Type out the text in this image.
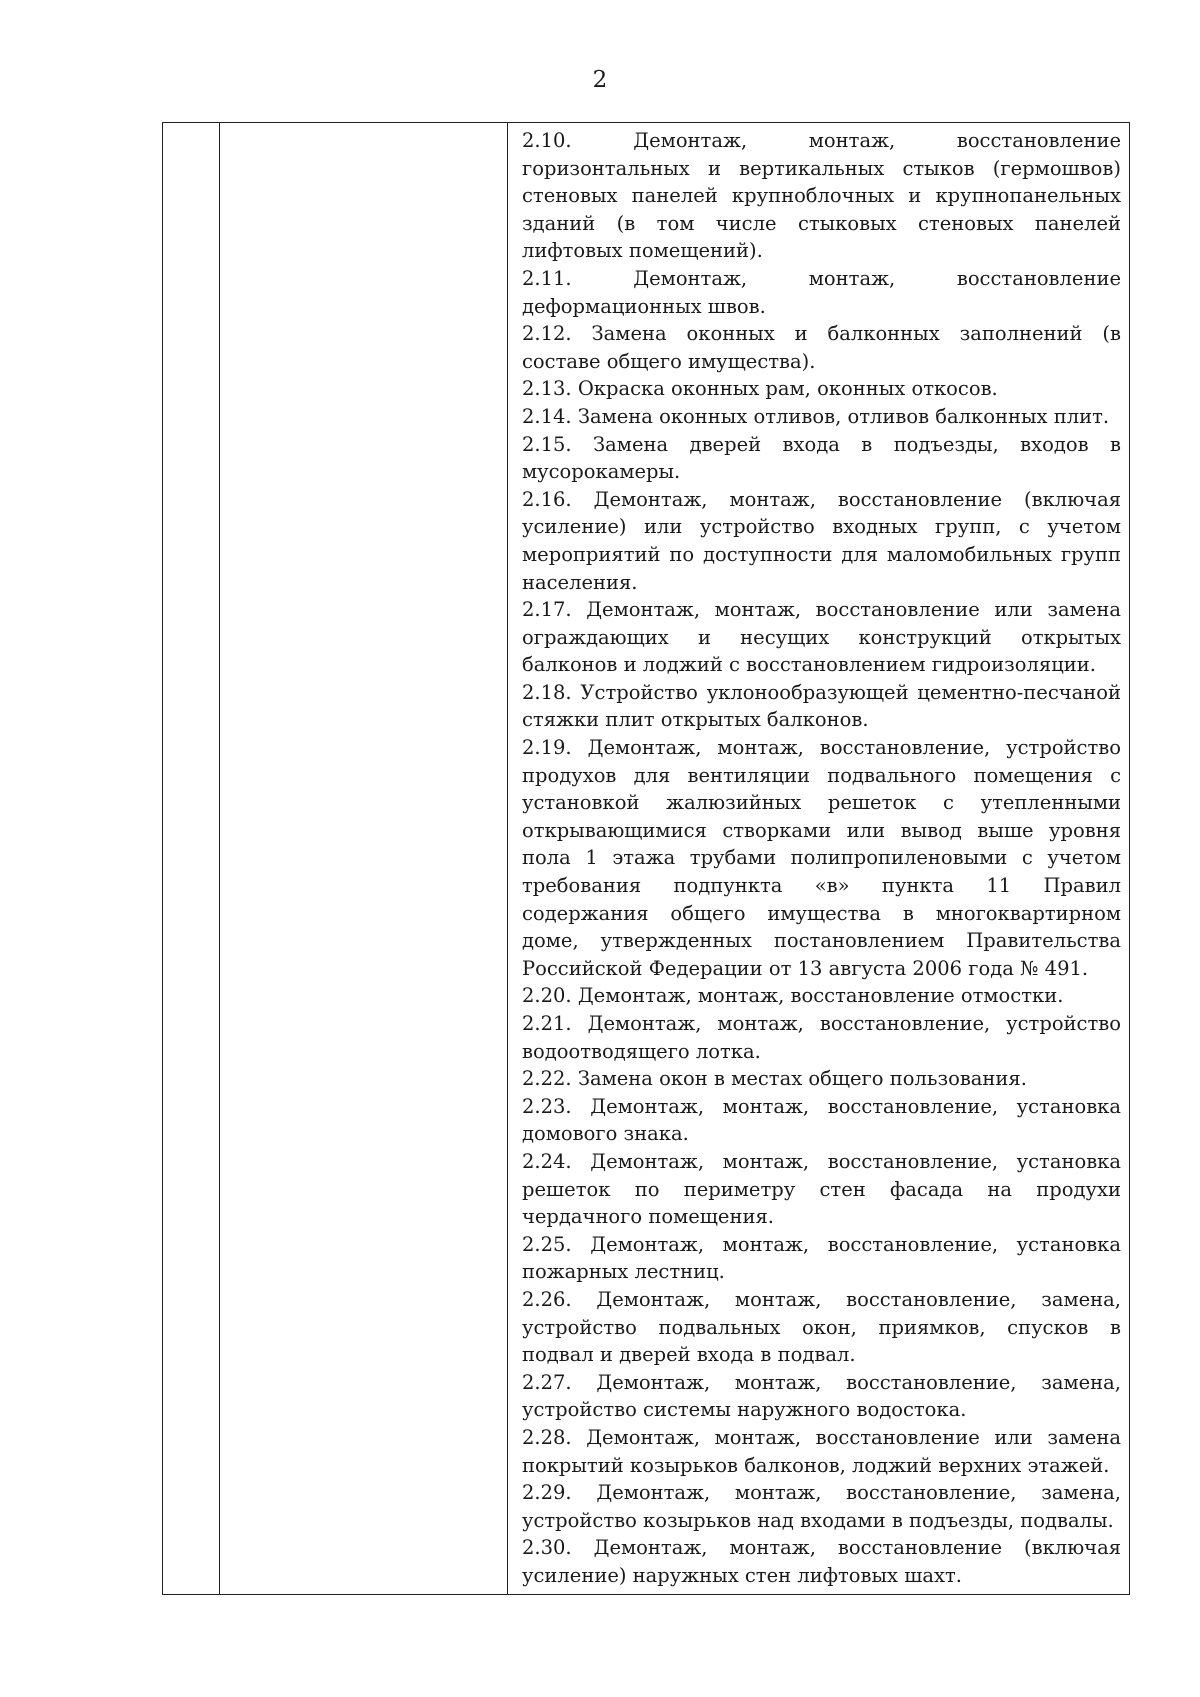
2

2.10. Демонтаж, монтаж, восстановление горизонтальных и вертикальных стыков (гермошвов) стеновых панелей крупноблочных и крупнопанельных зданий (в том числе стыковых стеновых панелей лифтовых помещений).

2.11. Демонтаж, монтаж, восстановление деформационных швов.

2.12. Замена оконных и балконных заполнений (в составе общего имущества).

2.13. Окраска оконных рам, оконных откосов.

2.14. Замена оконных отливов, отливов балконных плит.

2.15. Замена дверей входа в подъезды, входов в мусорокамеры.

2.16. Демонтаж, монтаж, восстановление (включая усиление) или устройство входных групп, с учетом мероприятий по доступности для маломобильных групп населения.

2.17. Демонтаж, монтаж, восстановление или замена ограждающих и несущих конструкций открытых балконов и лоджий с восстановлением гидроизоляции.

2.18. Устройство уклонообразующей цементно-песчаной стяжки плит открытых балконов.

2.19. Демонтаж, монтаж, восстановление, устройство продухов для вентиляции подвального помещения с установкой жалюзийных решеток с утепленными открывающимися створками или вывод выше уровня пола 1 этажа трубами полипропиленовыми с учетом требования подпункта «в» пункта 11 Правил содержания общего имущества в многоквартирном доме, утвержденных постановлением Правительства Российской Федерации от 13 августа 2006 года № 491.

2.20. Демонтаж, монтаж, восстановление отмостки.

2.21. Демонтаж, монтаж, восстановление, устройство водоотводящего лотка.

2.22. Замена окон в местах общего пользования.

2.23. Демонтаж, монтаж, восстановление, установка домового знака.

2.24. Демонтаж, монтаж, восстановление, установка решеток по периметру стен фасада на продухи чердачного помещения.

2.25. Демонтаж, монтаж, восстановление, установка пожарных лестниц.

2.26. Демонтаж, монтаж, восстановление, замена, устройство подвальных окон, приямков, спусков в подвал и дверей входа в подвал.

2.27. Демонтаж, монтаж, восстановление, замена, устройство системы наружного водостока.

2.28. Демонтаж, монтаж, восстановление или замена покрытий козырьков балконов, лоджий верхних этажей.

2.29. Демонтаж, монтаж, восстановление, замена, устройство козырьков над входами в подъезды, подвалы.

2.30. Демонтаж, монтаж, восстановление (включая усиление) наружных стен лифтовых шахт.
